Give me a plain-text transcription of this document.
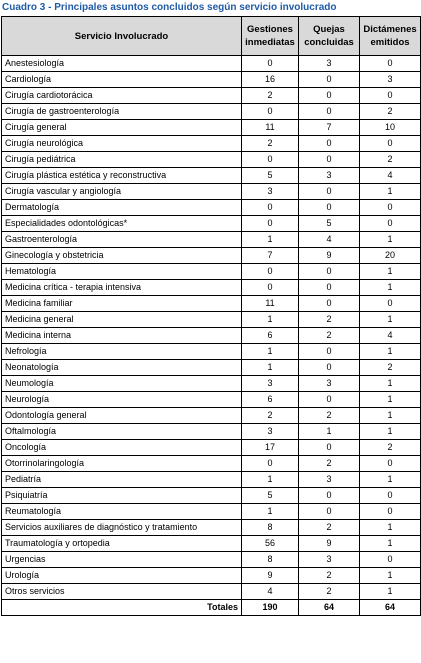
Cuadro 3 - Principales asuntos concluidos según servicio involucrado
Servicio Involucrado	Gestiones inmediatas	Quejas concluidas	Dictámenes emitidos
Anestesiología	0	3	0
Cardiología	16	0	3
Cirugía cardiotorácica	2	0	0
Cirugía de gastroenterología	0	0	2
Cirugía general	11	7	10
Cirugía neurológica	2	0	0
Cirugía pediátrica	0	0	2
Cirugía plástica estética y reconstructiva	5	3	4
Cirugía vascular y angiología	3	0	1
Dermatología	0	0	0
Especialidades odontológicas*	0	5	0
Gastroenterología	1	4	1
Ginecología y obstetricia	7	9	20
Hematología	0	0	1
Medicina crítica - terapia intensiva	0	0	1
Medicina familiar	11	0	0
Medicina general	1	2	1
Medicina interna	6	2	4
Nefrología	1	0	1
Neonatología	1	0	2
Neumología	3	3	1
Neurología	6	0	1
Odontología general	2	2	1
Oftalmología	3	1	1
Oncología	17	0	2
Otorrinolaringología	0	2	0
Pediatría	1	3	1
Psiquiatría	5	0	0
Reumatología	1	0	0
Servicios auxiliares de diagnóstico y tratamiento	8	2	1
Traumatología y ortopedia	56	9	1
Urgencias	8	3	0
Urología	9	2	1
Otros servicios	4	2	1
Totales	190	64	64
